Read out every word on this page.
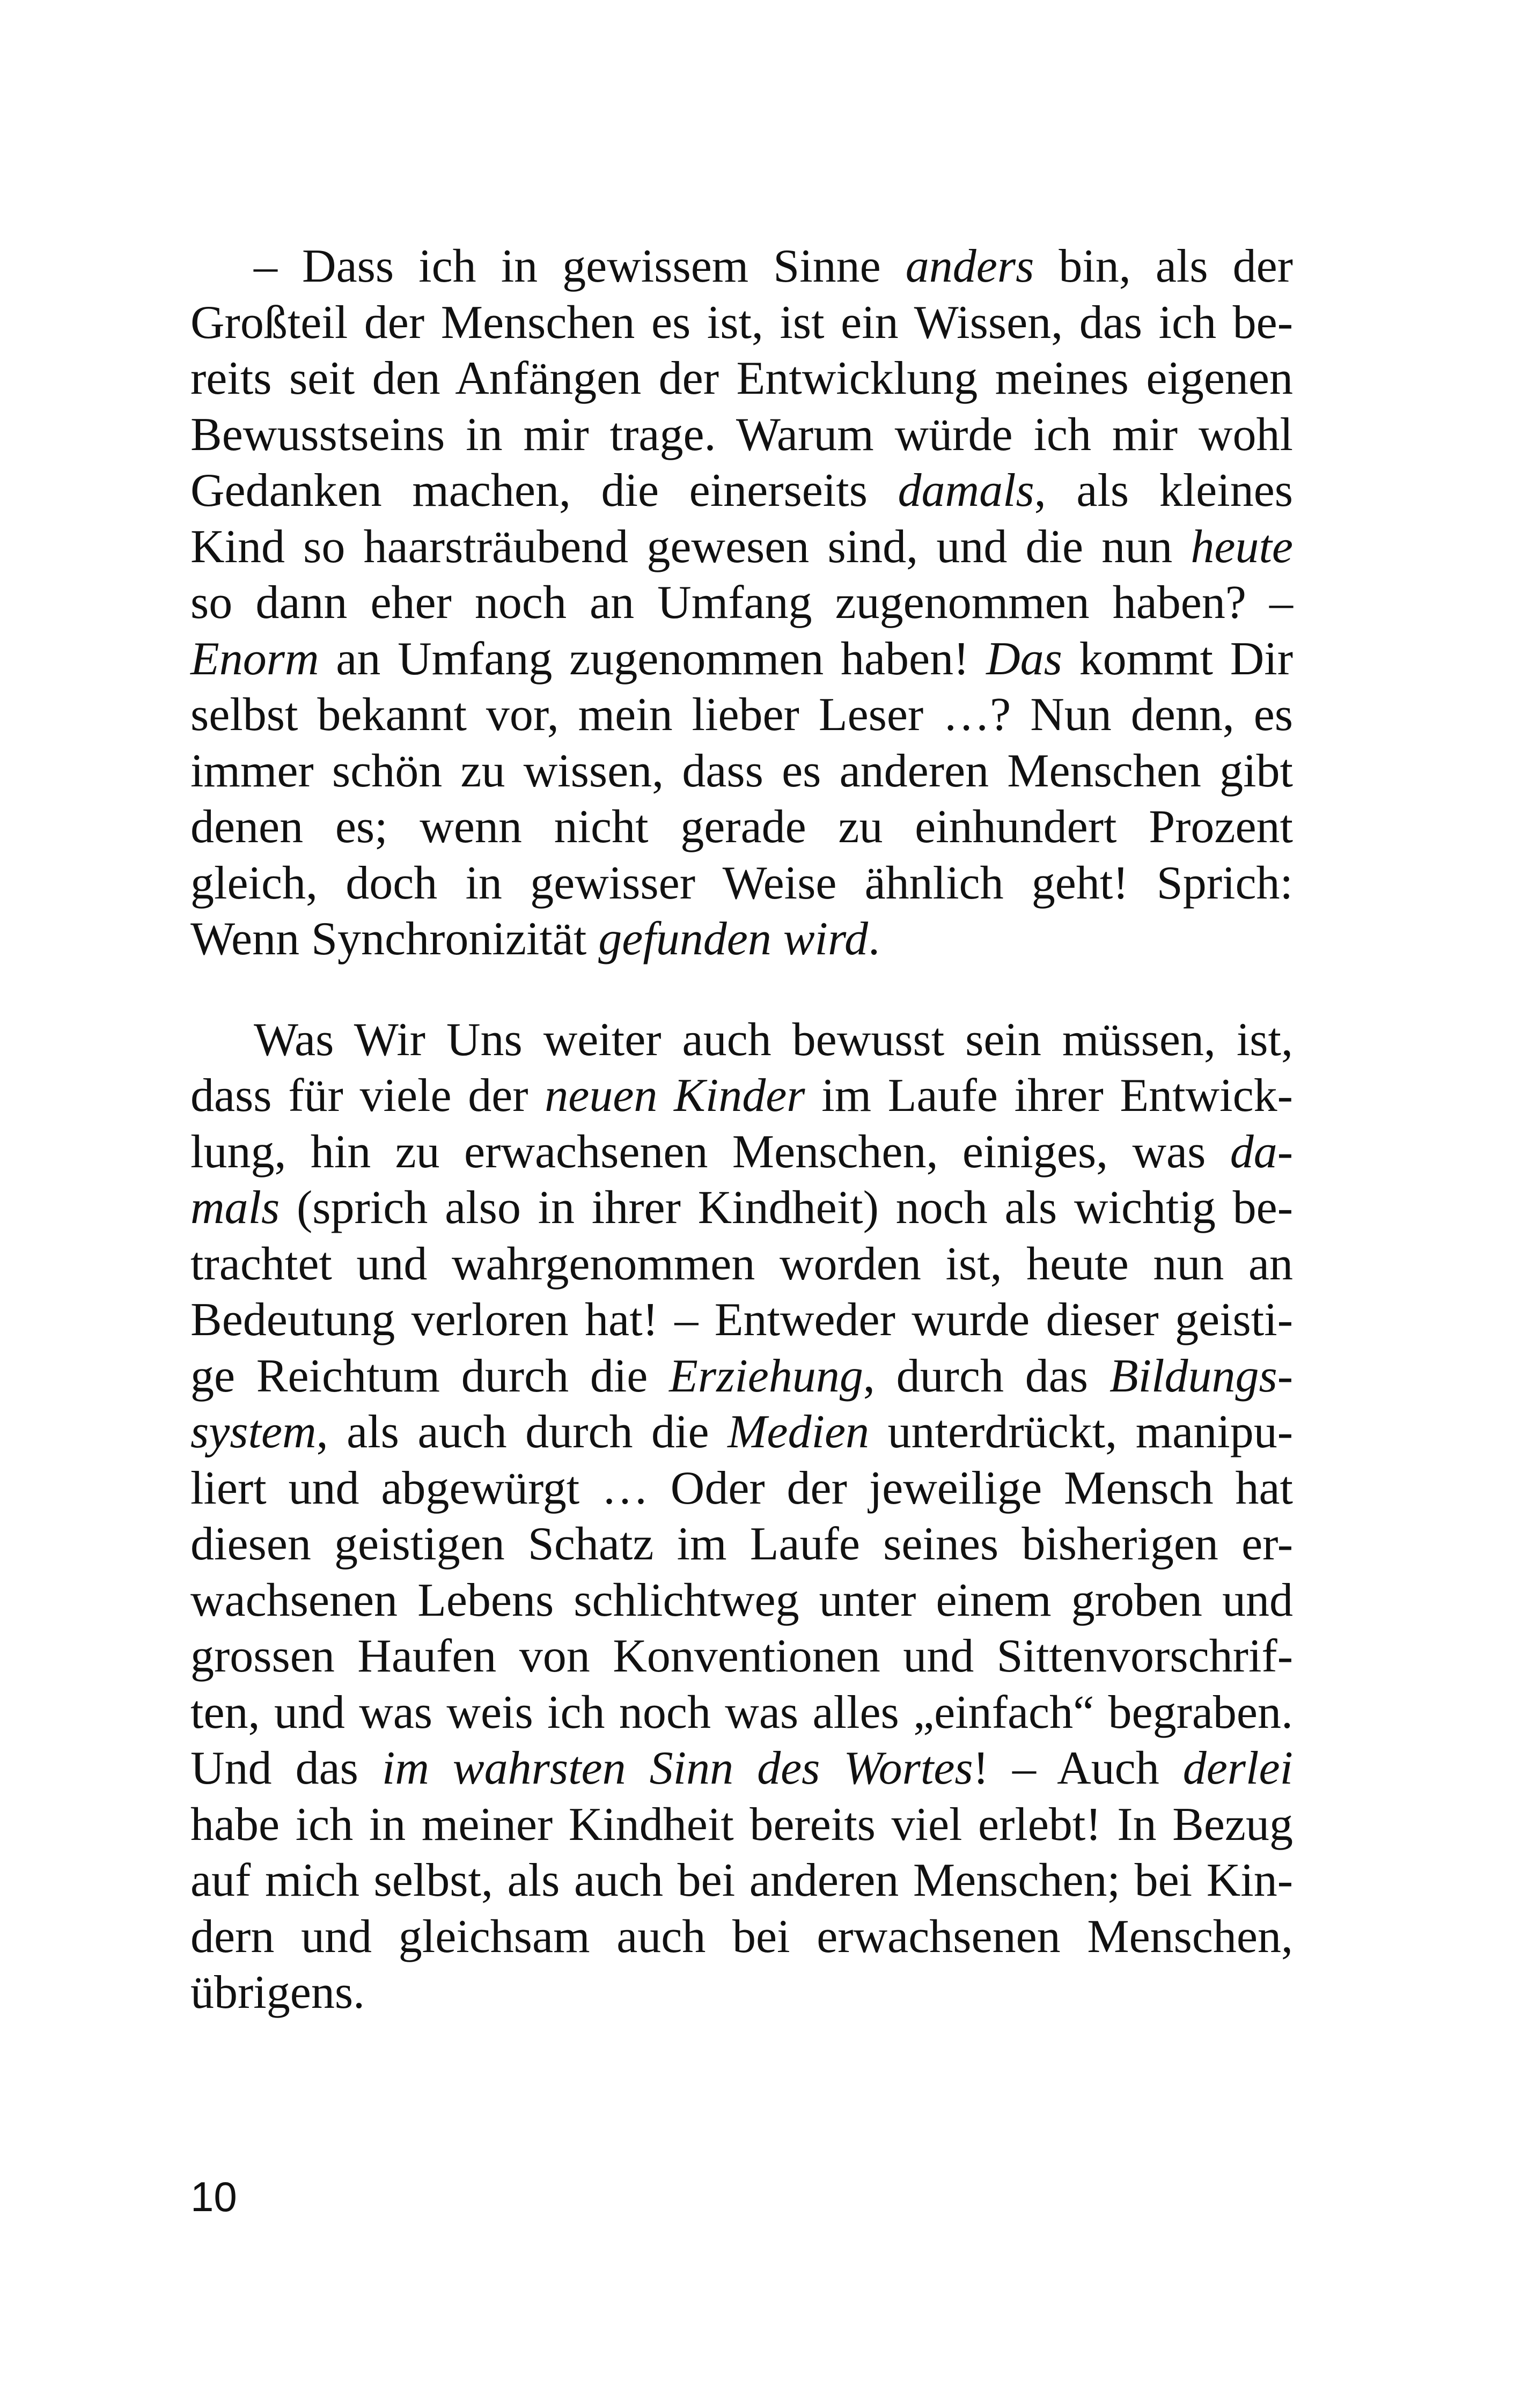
– Dass ich in gewissem Sinne anders bin, als der
Großteil der Menschen es ist, ist ein Wissen, das ich be-
reits seit den Anfängen der Entwicklung meines eigenen
Bewusstseins in mir trage. Warum würde ich mir wohl
Gedanken machen, die einerseits damals, als kleines
Kind so haarsträubend gewesen sind, und die nun heute
so dann eher noch an Umfang zugenommen haben? –
Enorm an Umfang zugenommen haben! Das kommt Dir
selbst bekannt vor, mein lieber Leser …? Nun denn, es
immer schön zu wissen, dass es anderen Menschen gibt
denen es; wenn nicht gerade zu einhundert Prozent
gleich, doch in gewisser Weise ähnlich geht! Sprich:
Wenn Synchronizität gefunden wird.
Was Wir Uns weiter auch bewusst sein müssen, ist,
dass für viele der neuen Kinder im Laufe ihrer Entwick-
lung, hin zu erwachsenen Menschen, einiges, was da-
mals (sprich also in ihrer Kindheit) noch als wichtig be-
trachtet und wahrgenommen worden ist, heute nun an
Bedeutung verloren hat! – Entweder wurde dieser geisti-
ge Reichtum durch die Erziehung, durch das Bildungs-
system, als auch durch die Medien unterdrückt, manipu-
liert und abgewürgt … Oder der jeweilige Mensch hat
diesen geistigen Schatz im Laufe seines bisherigen er-
wachsenen Lebens schlichtweg unter einem groben und
grossen Haufen von Konventionen und Sittenvorschrif-
ten, und was weis ich noch was alles „einfach“ begraben.
Und das im wahrsten Sinn des Wortes! – Auch derlei
habe ich in meiner Kindheit bereits viel erlebt! In Bezug
auf mich selbst, als auch bei anderen Menschen; bei Kin-
dern und gleichsam auch bei erwachsenen Menschen,
übrigens.
10
